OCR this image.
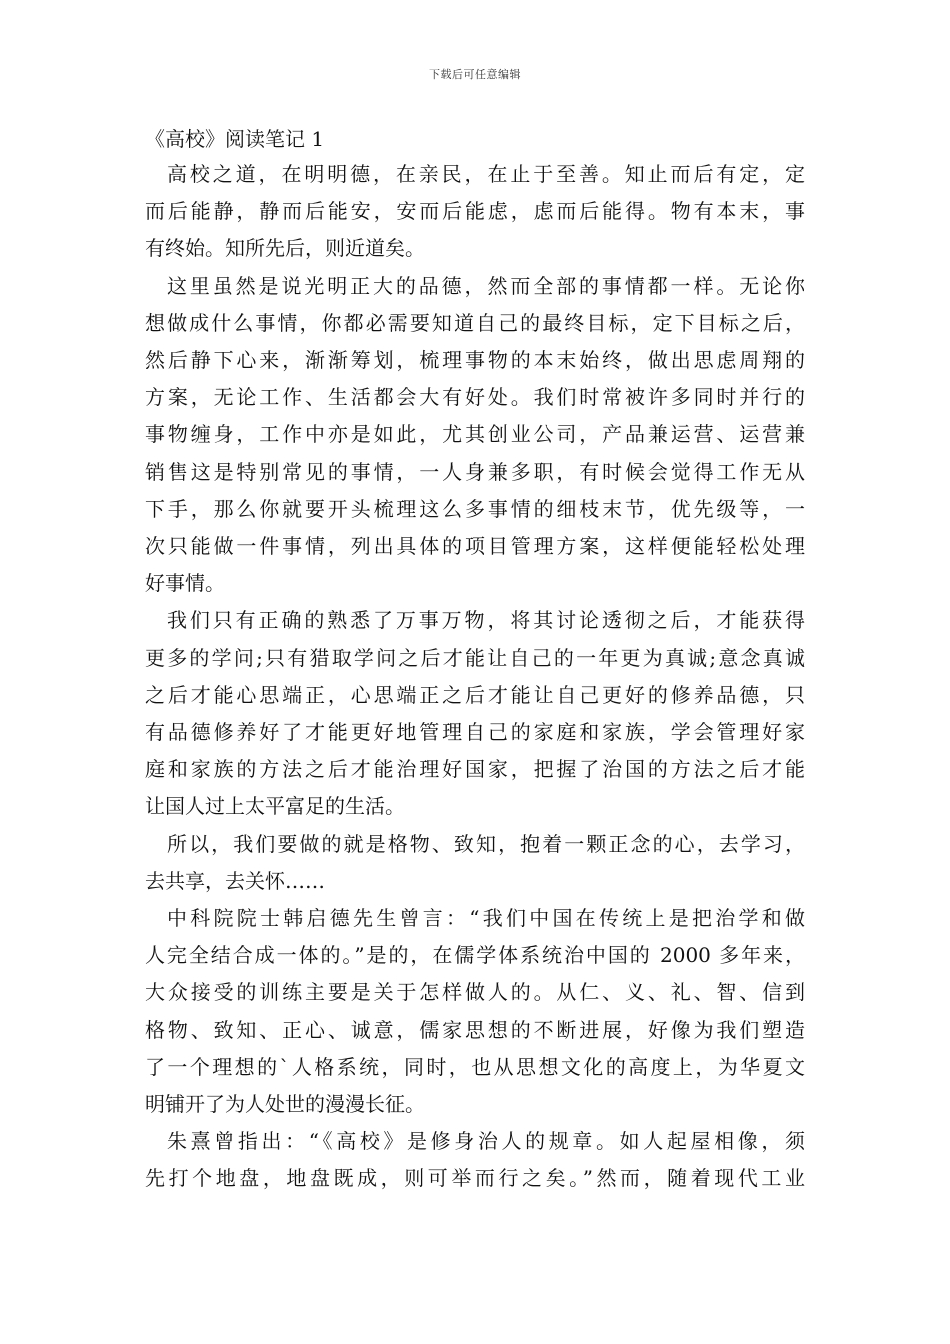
下载后可任意编辑
《高校》阅读笔记 1
高校之道，在明明德，在亲民，在止于至善。知止而后有定，定
而后能静，静而后能安，安而后能虑，虑而后能得。物有本末，事
有终始。知所先后，则近道矣。
这里虽然是说光明正大的品德，然而全部的事情都一样。无论你
想做成什么事情，你都必需要知道自己的最终目标，定下目标之后，
然后静下心来，渐渐筹划，梳理事物的本末始终，做出思虑周翔的
方案，无论工作、生活都会大有好处。我们时常被许多同时并行的
事物缠身，工作中亦是如此，尤其创业公司，产品兼运营、运营兼
销售这是特别常见的事情，一人身兼多职，有时候会觉得工作无从
下手，那么你就要开头梳理这么多事情的细枝末节，优先级等，一
次只能做一件事情，列出具体的项目管理方案，这样便能轻松处理
好事情。
我们只有正确的熟悉了万事万物，将其讨论透彻之后，才能获得
更多的学问;只有猎取学问之后才能让自己的一年更为真诚;意念真诚
之后才能心思端正，心思端正之后才能让自己更好的修养品德，只
有品德修养好了才能更好地管理自己的家庭和家族，学会管理好家
庭和家族的方法之后才能治理好国家，把握了治国的方法之后才能
让国人过上太平富足的生活。
所以，我们要做的就是格物、致知，抱着一颗正念的心，去学习，
去共享，去关怀……
中科院院士韩启德先生曾言：“我们中国在传统上是把治学和做
人完全结合成一体的。”是的，在儒学体系统治中国的 2000 多年来，
大众接受的训练主要是关于怎样做人的。从仁、义、礼、智、信到
格物、致知、正心、诚意，儒家思想的不断进展，好像为我们塑造
了一个理想的`人格系统，同时，也从思想文化的高度上，为华夏文
明铺开了为人处世的漫漫长征。
朱熹曾指出：“《高校》是修身治人的规章。如人起屋相像，须
先打个地盘，地盘既成，则可举而行之矣。”然而，随着现代工业
